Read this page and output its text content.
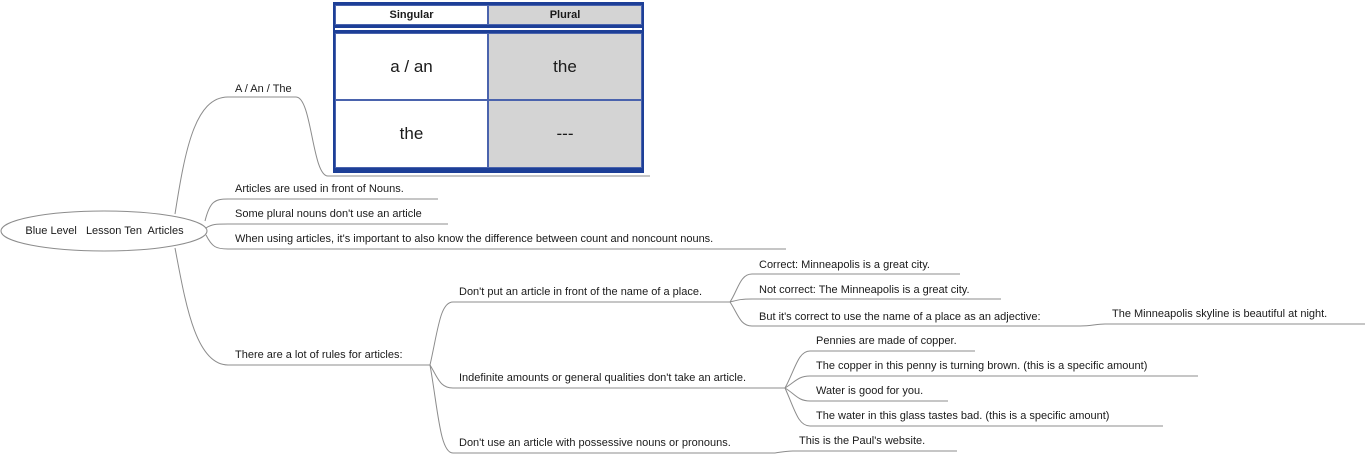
Blue Level   Lesson Ten  Articles
Singular	Plural
a / an	the
the	---
A / An / The
Articles are used in front of Nouns.
Some plural nouns don't use an article
When using articles, it's important to also know the difference between count and noncount nouns.
There are a lot of rules for articles:
Don't put an article in front of the name of a place.
Indefinite amounts or general qualities don't take an article.
Don't use an article with possessive nouns or pronouns.
Correct: Minneapolis is a great city.
Not correct: The Minneapolis is a great city.
But it's correct to use the name of a place as an adjective:	The Minneapolis skyline is beautiful at night.
Pennies are made of copper.
The copper in this penny is turning brown. (this is a specific amount)
Water is good for you.
The water in this glass tastes bad. (this is a specific amount)
This is the Paul's website.
